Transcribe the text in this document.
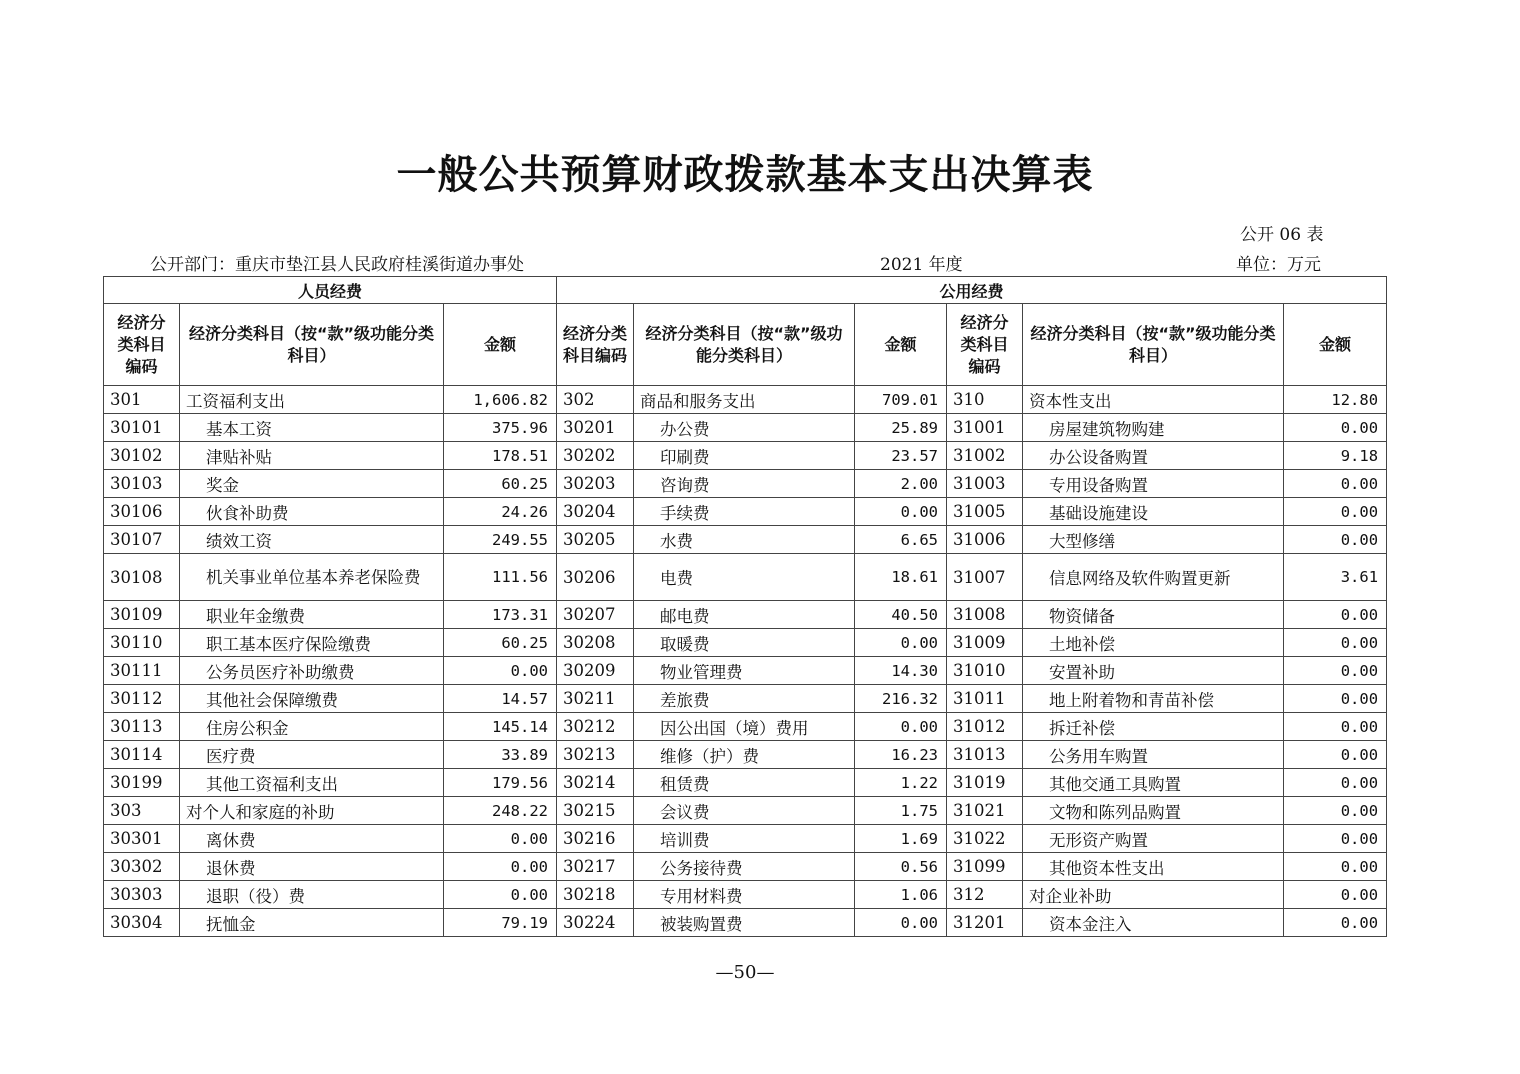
一般公共预算财政拨款基本支出决算表
公开 06 表
公开部门：重庆市垫江县人民政府桂溪街道办事处	2021 年度	单位：万元
人员经费			公用经费					
经济分类科目编码	经济分类科目（按“款”级功能分类科目）	金额	经济分类科目编码	经济分类科目（按“款”级功能分类科目）	金额	经济分类科目编码	经济分类科目（按“款”级功能分类科目）	金额
301	工资福利支出	1,606.82	302	商品和服务支出	709.01	310	资本性支出	12.80
30101	基本工资	375.96	30201	办公费	25.89	31001	房屋建筑物购建	0.00
30102	津贴补贴	178.51	30202	印刷费	23.57	31002	办公设备购置	9.18
30103	奖金	60.25	30203	咨询费	2.00	31003	专用设备购置	0.00
30106	伙食补助费	24.26	30204	手续费	0.00	31005	基础设施建设	0.00
30107	绩效工资	249.55	30205	水费	6.65	31006	大型修缮	0.00
30108	机关事业单位基本养老保险费	111.56	30206	电费	18.61	31007	信息网络及软件购置更新	3.61
30109	职业年金缴费	173.31	30207	邮电费	40.50	31008	物资储备	0.00
30110	职工基本医疗保险缴费	60.25	30208	取暖费	0.00	31009	土地补偿	0.00
30111	公务员医疗补助缴费	0.00	30209	物业管理费	14.30	31010	安置补助	0.00
30112	其他社会保障缴费	14.57	30211	差旅费	216.32	31011	地上附着物和青苗补偿	0.00
30113	住房公积金	145.14	30212	因公出国（境）费用	0.00	31012	拆迁补偿	0.00
30114	医疗费	33.89	30213	维修（护）费	16.23	31013	公务用车购置	0.00
30199	其他工资福利支出	179.56	30214	租赁费	1.22	31019	其他交通工具购置	0.00
303	对个人和家庭的补助	248.22	30215	会议费	1.75	31021	文物和陈列品购置	0.00
30301	离休费	0.00	30216	培训费	1.69	31022	无形资产购置	0.00
30302	退休费	0.00	30217	公务接待费	0.56	31099	其他资本性支出	0.00
30303	退职（役）费	0.00	30218	专用材料费	1.06	312	对企业补助	0.00
30304	抚恤金	79.19	30224	被装购置费	0.00	31201	资本金注入	0.00
—50—
